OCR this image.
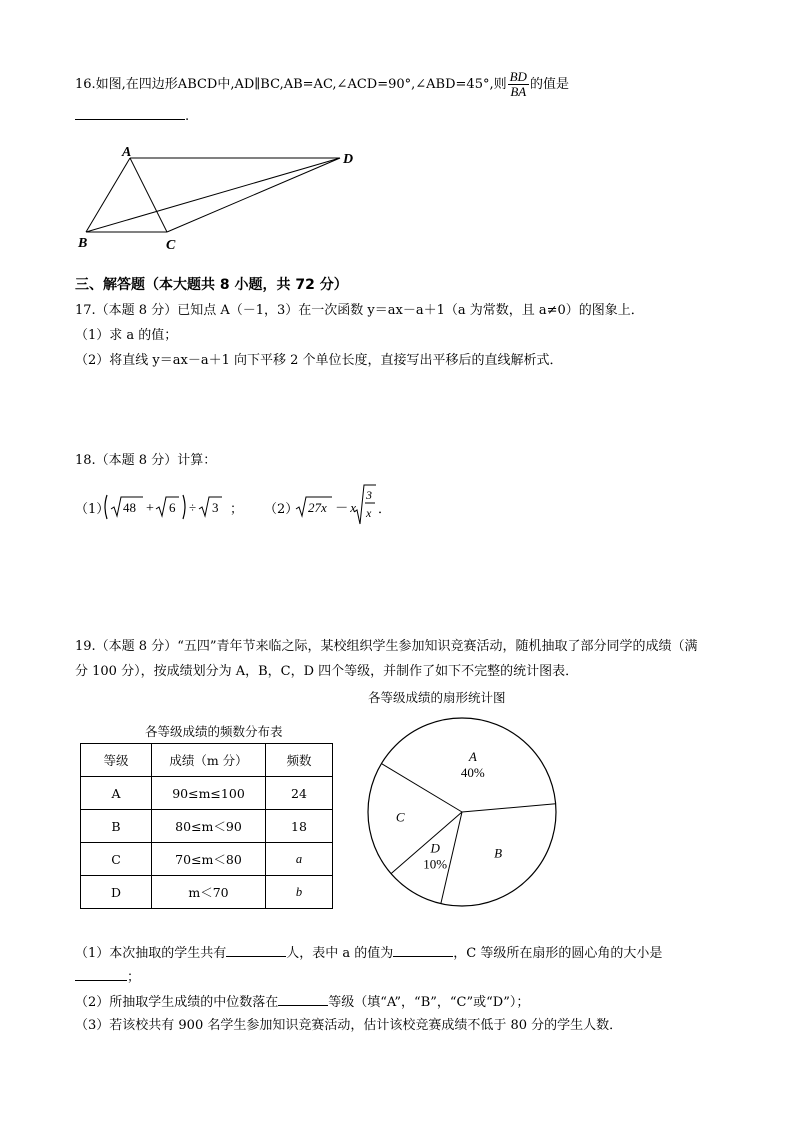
16.如图,在四边形ABCD中,AD∥BC,AB=AC,∠ACD=90°,∠ABD=45°,则 $\frac{BD}{BA}$ 的值是
.
A	D
B	C
三、解答题（本大题共 8 小题，共 72 分）
17.（本题 8 分）已知点 A（－1，3）在一次函数 y＝ax－a＋1（a 为常数，且 a≠0）的图象上．
（1）求 a 的值；
（2）将直线 y＝ax－a＋1 向下平移 2 个单位长度，直接写出平移后的直线解析式．
18.（本题 8 分）计算：
（1） 48 + 6 ÷ 3 ； （2） 27x － x
3
x ．
19.（本题 8 分）“五四”青年节来临之际，某校组织学生参加知识竞赛活动，随机抽取了部分同学的成绩（满
分 100 分），按成绩划分为 A，B，C，D 四个等级，并制作了如下不完整的统计图表．
各等级成绩的扇形统计图
各等级成绩的频数分布表
等级	成绩（m 分）	频数
A	90≤m≤100	24
B	80≤m＜90	18
C	70≤m＜80	a
D	m＜70	b
A
40%
B
C
D
10%
（1）本次抽取的学生共有	人，表中 a 的值为	，C 等级所在扇形的圆心角的大小是
；
（2）所抽取学生成绩的中位数落在	等级（填“A”，“B”，“C”或“D”）；
（3）若该校共有 900 名学生参加知识竞赛活动，估计该校竞赛成绩不低于 80 分的学生人数．
